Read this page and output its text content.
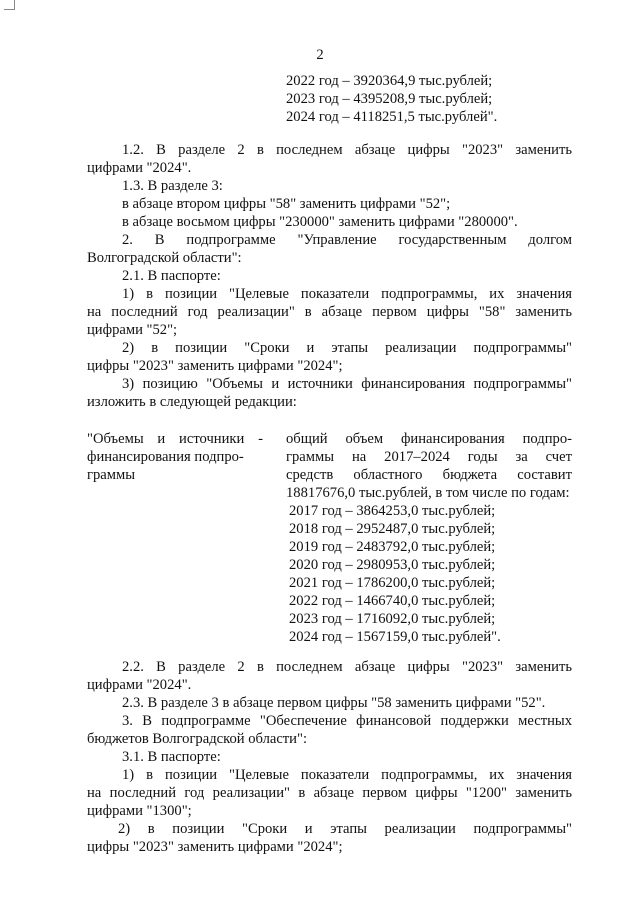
2
2022 год – 3920364,9 тыс.рублей;
2023 год – 4395208,9 тыс.рублей;
2024 год – 4118251,5 тыс.рублей".
1.2. В разделе 2 в последнем абзаце цифры "2023" заменить
цифрами "2024".
1.3. В разделе 3:
в абзаце втором цифры "58" заменить цифрами "52";
в абзаце восьмом цифры "230000" заменить цифрами "280000".
2. В подпрограмме "Управление государственным долгом
Волгоградской области":
2.1. В паспорте:
1) в позиции "Целевые показатели подпрограммы, их значения
на последний год реализации" в абзаце первом цифры "58" заменить
цифрами "52";
2) в позиции "Сроки и этапы реализации подпрограммы"
цифры "2023" заменить цифрами "2024";
3) позицию "Объемы и источники финансирования подпрограммы"
изложить в следующей редакции:
"Объемы и источники -
финансирования подпро-
граммы
общий объем финансирования подпро-
граммы на 2017–2024 годы за счет
средств областного бюджета составит
18817676,0 тыс.рублей, в том числе по годам:
2017 год – 3864253,0 тыс.рублей;
2018 год – 2952487,0 тыс.рублей;
2019 год – 2483792,0 тыс.рублей;
2020 год – 2980953,0 тыс.рублей;
2021 год – 1786200,0 тыс.рублей;
2022 год – 1466740,0 тыс.рублей;
2023 год – 1716092,0 тыс.рублей;
2024 год – 1567159,0 тыс.рублей".
2.2. В разделе 2 в последнем абзаце цифры "2023" заменить
цифрами "2024".
2.3. В разделе 3 в абзаце первом цифры "58 заменить цифрами "52".
3. В подпрограмме "Обеспечение финансовой поддержки местных
бюджетов Волгоградской области":
3.1. В паспорте:
1) в позиции "Целевые показатели подпрограммы, их значения
на последний год реализации" в абзаце первом цифры "1200" заменить
цифрами "1300";
2) в позиции "Сроки и этапы реализации подпрограммы"
цифры "2023" заменить цифрами "2024";
